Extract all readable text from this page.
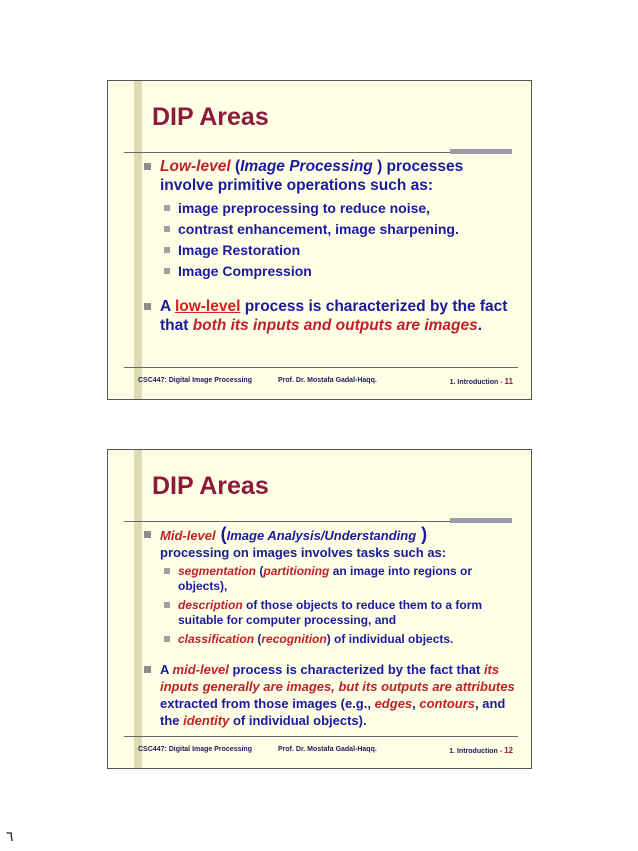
DIP Areas
Low-level (Image Processing ) processes
involve primitive operations such as:
image preprocessing to reduce noise,
contrast enhancement, image sharpening.
Image Restoration
Image Compression
A low-level process is characterized by the fact that both its inputs and outputs are images.
CSC447: Digital Image Processing	Prof. Dr. Mostafa Gadal-Haqq.	1. Introduction - 11
DIP Areas
Mid-level (Image Analysis/Understanding )
processing on images involves tasks such as:
segmentation (partitioning an image into regions or objects),
description of those objects to reduce them to a form suitable for computer processing, and
classification (recognition) of individual objects.
A mid-level process is characterized by the fact that its inputs generally are images, but its outputs are attributes extracted from those images (e.g., edges, contours, and the identity of individual objects).
CSC447: Digital Image Processing	Prof. Dr. Mostafa Gadal-Haqq.	1. Introduction - 12
٦
